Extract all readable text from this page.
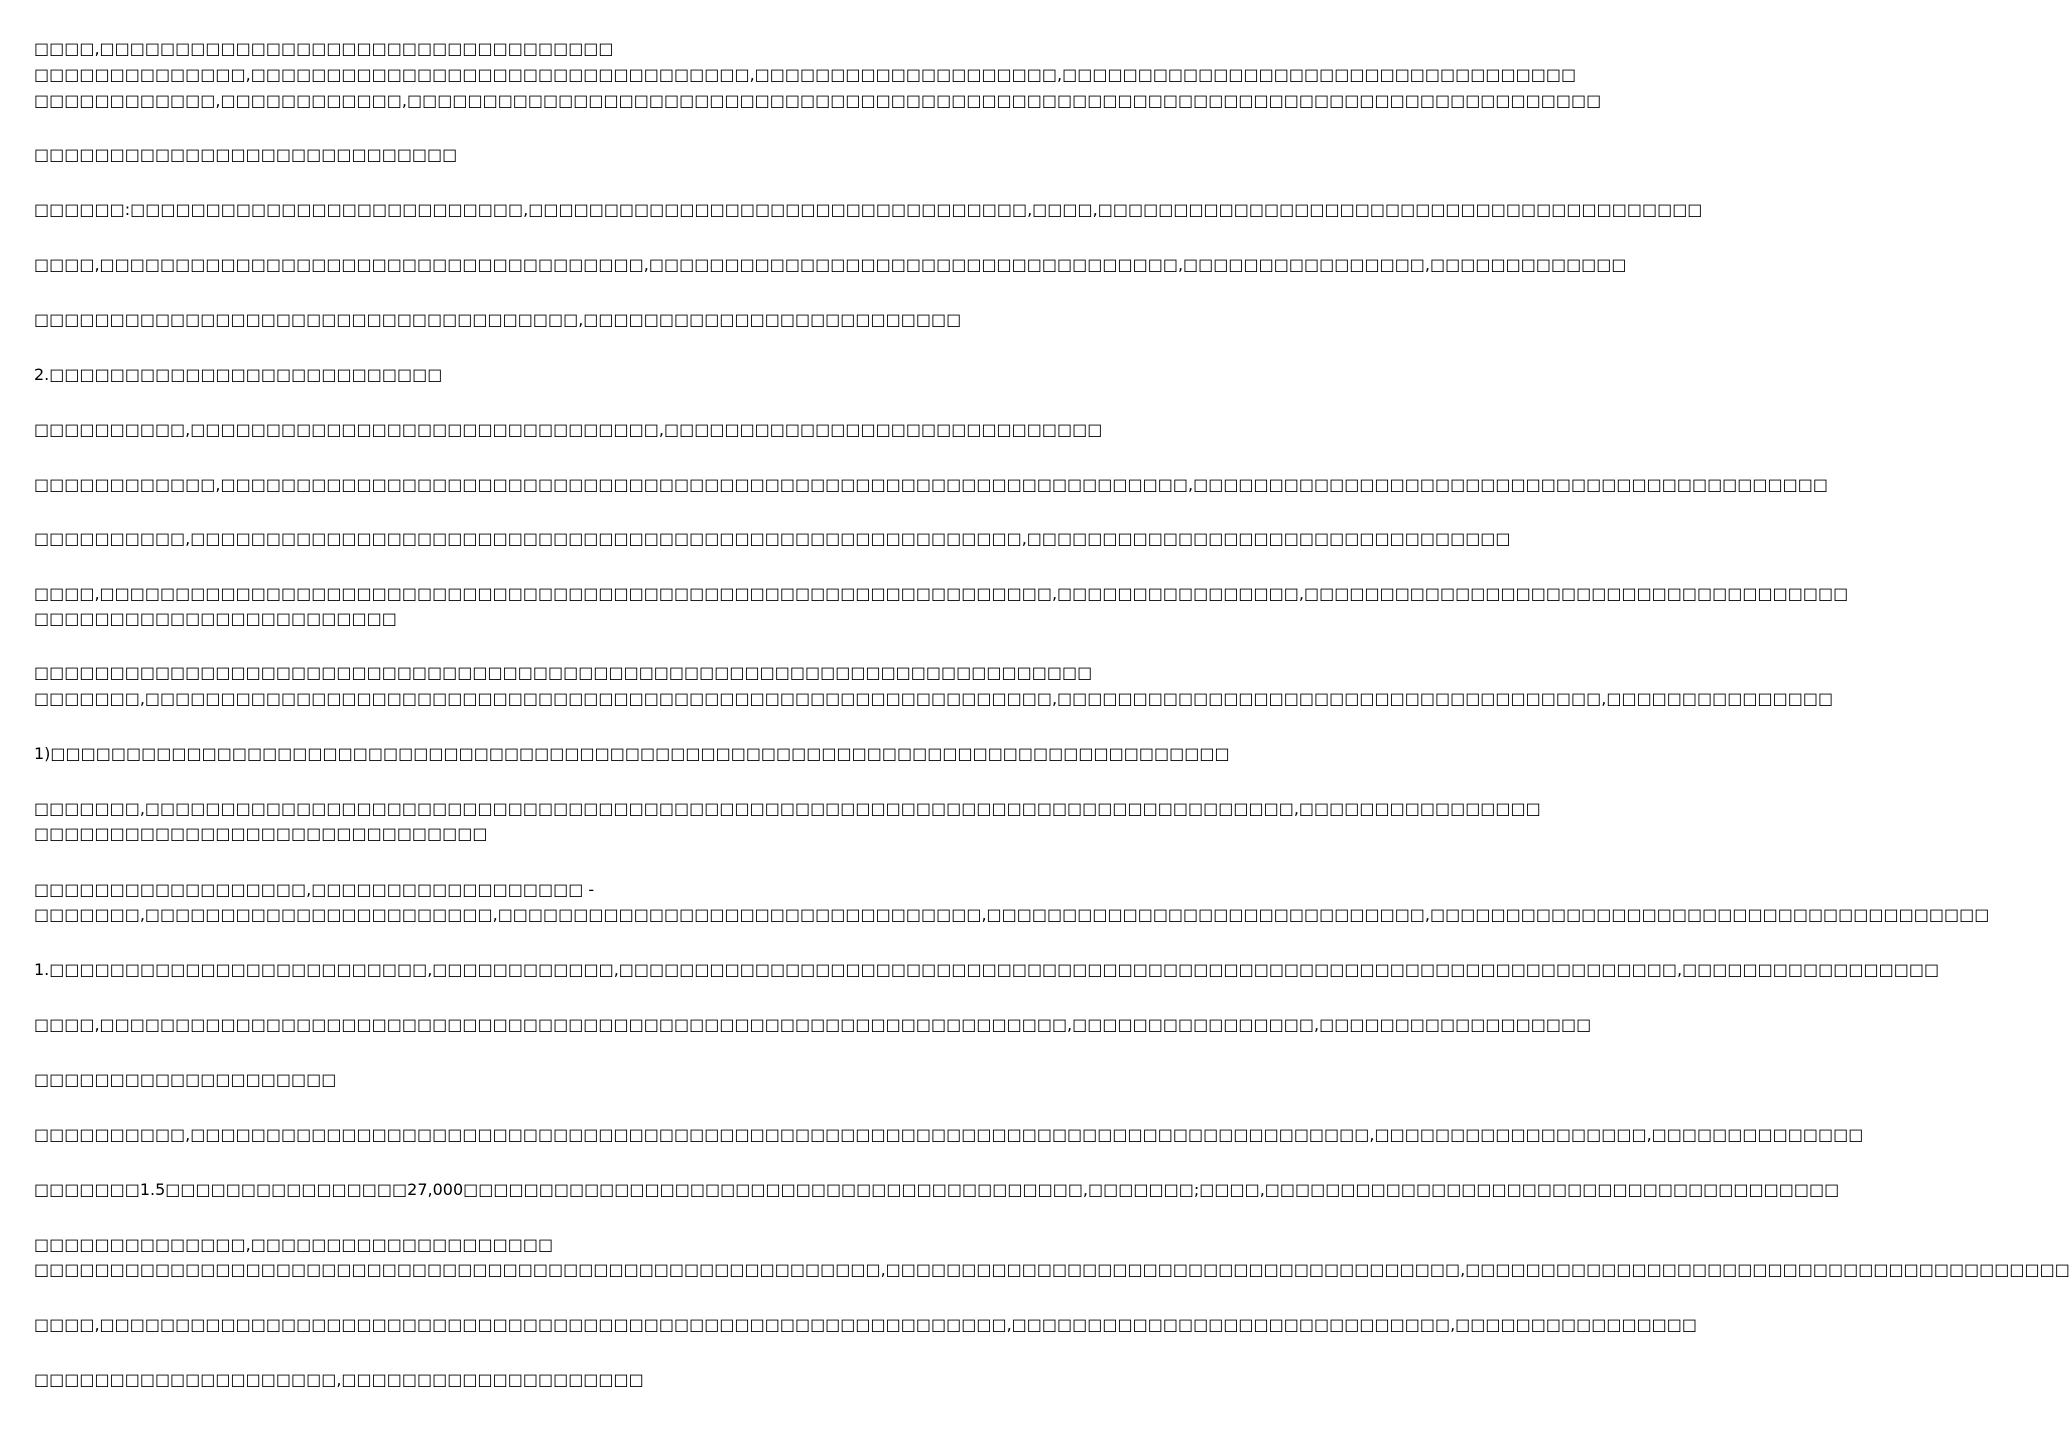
□□□□,□□□□□□□□□□□□□□□□□□□□□□□□□□□□□□□□□□

□□□□□□□□□□□□□□,□□□□□□□□□□□□□□□□□□□□□□□□□□□□□□□□□,□□□□□□□□□□□□□□□□□□□□,□□□□□□□□□□□□□□□□□□□□□□□□□□□□□□□□□□

□□□□□□□□□□□□,□□□□□□□□□□□□,□□□□□□□□□□□□□□□□□□□□□□□□□□□□□□□□□□□□□□□□□□□□□□□□□□□□□□□□□□□□□□□□□□□□□□□□□□□□□□□

□□□□□□□□□□□□□□□□□□□□□□□□□□□□

□□□□□□:□□□□□□□□□□□□□□□□□□□□□□□□□□,□□□□□□□□□□□□□□□□□□□□□□□□□□□□□□□□□,□□□□,□□□□□□□□□□□□□□□□□□□□□□□□□□□□□□□□□□□□□□□□

□□□□,□□□□□□□□□□□□□□□□□□□□□□□□□□□□□□□□□□□□,□□□□□□□□□□□□□□□□□□□□□□□□□□□□□□□□□□□,□□□□□□□□□□□□□□□□,□□□□□□□□□□□□□

□□□□□□□□□□□□□□□□□□□□□□□□□□□□□□□□□□□□,□□□□□□□□□□□□□□□□□□□□□□□□□

2.□□□□□□□□□□□□□□□□□□□□□□□□□□

□□□□□□□□□□,□□□□□□□□□□□□□□□□□□□□□□□□□□□□□□□,□□□□□□□□□□□□□□□□□□□□□□□□□□□□□

□□□□□□□□□□□□,□□□□□□□□□□□□□□□□□□□□□□□□□□□□□□□□□□□□□□□□□□□□□□□□□□□□□□□□□□□□□□□□,□□□□□□□□□□□□□□□□□□□□□□□□□□□□□□□□□□□□□□□□□□

□□□□□□□□□□,□□□□□□□□□□□□□□□□□□□□□□□□□□□□□□□□□□□□□□□□□□□□□□□□□□□□□□□,□□□□□□□□□□□□□□□□□□□□□□□□□□□□□□□□

□□□□,□□□□□□□□□□□□□□□□□□□□□□□□□□□□□□□□□□□□□□□□□□□□□□□□□□□□□□□□□□□□□□□,□□□□□□□□□□□□□□□□,□□□□□□□□□□□□□□□□□□□□□□□□□□□□□□□□□□□□

□□□□□□□□□□□□□□□□□□□□□□□□

□□□□□□□□□□□□□□□□□□□□□□□□□□□□□□□□□□□□□□□□□□□□□□□□□□□□□□□□□□□□□□□□□□□□□□

□□□□□□□,□□□□□□□□□□□□□□□□□□□□□□□□□□□□□□□□□□□□□□□□□□□□□□□□□□□□□□□□□□□□,□□□□□□□□□□□□□□□□□□□□□□□□□□□□□□□□□□□□,□□□□□□□□□□□□□□□

1)□□□□□□□□□□□□□□□□□□□□□□□□□□□□□□□□□□□□□□□□□□□□□□□□□□□□□□□□□□□□□□□□□□□□□□□□□□□□□□

□□□□□□□,□□□□□□□□□□□□□□□□□□□□□□□□□□□□□□□□□□□□□□□□□□□□□□□□□□□□□□□□□□□□□□□□□□□□□□□□□□□□,□□□□□□□□□□□□□□□□

□□□□□□□□□□□□□□□□□□□□□□□□□□□□□□

□□□□□□□□□□□□□□□□□□,□□□□□□□□□□□□□□□□□□ -

□□□□□□□,□□□□□□□□□□□□□□□□□□□□□□□,□□□□□□□□□□□□□□□□□□□□□□□□□□□□□□□□,□□□□□□□□□□□□□□□□□□□□□□□□□□□□□,□□□□□□□□□□□□□□□□□□□□□□□□□□□□□□□□□□□□□

1.□□□□□□□□□□□□□□□□□□□□□□□□□,□□□□□□□□□□□□,□□□□□□□□□□□□□□□□□□□□□□□□□□□□□□□□□□□□□□□□□□□□□□□□□□□□□□□□□□□□□□□□□□□□□□,□□□□□□□□□□□□□□□□□

□□□□,□□□□□□□□□□□□□□□□□□□□□□□□□□□□□□□□□□□□□□□□□□□□□□□□□□□□□□□□□□□□□□□□,□□□□□□□□□□□□□□□□,□□□□□□□□□□□□□□□□□□

□□□□□□□□□□□□□□□□□□□□

□□□□□□□□□□,□□□□□□□□□□□□□□□□□□□□□□□□□□□□□□□□□□□□□□□□□□□□□□□□□□□□□□□□□□□□□□□□□□□□□□□□□□□□□□,□□□□□□□□□□□□□□□□□□,□□□□□□□□□□□□□□

□□□□□□□1.5□□□□□□□□□□□□□□□□27,000□□□□□□□□□□□□□□□□□□□□□□□□□□□□□□□□□□□□□□□□□,□□□□□□□;□□□□,□□□□□□□□□□□□□□□□□□□□□□□□□□□□□□□□□□□□□□

□□□□□□□□□□□□□□,□□□□□□□□□□□□□□□□□□□□

□□□□□□□□□□□□□□□□□□□□□□□□□□□□□□□□□□□□□□□□□□□□□□□□□□□□□□□□,□□□□□□□□□□□□□□□□□□□□□□□□□□□□□□□□□□□□□□,□□□□□□□□□□□□□□□□□□□□□□□□□□□□□□□□□□□□□□□□

□□□□,□□□□□□□□□□□□□□□□□□□□□□□□□□□□□□□□□□□□□□□□□□□□□□□□□□□□□□□□□□□□,□□□□□□□□□□□□□□□□□□□□□□□□□□□□□,□□□□□□□□□□□□□□□□

□□□□□□□□□□□□□□□□□□□□,□□□□□□□□□□□□□□□□□□□□
